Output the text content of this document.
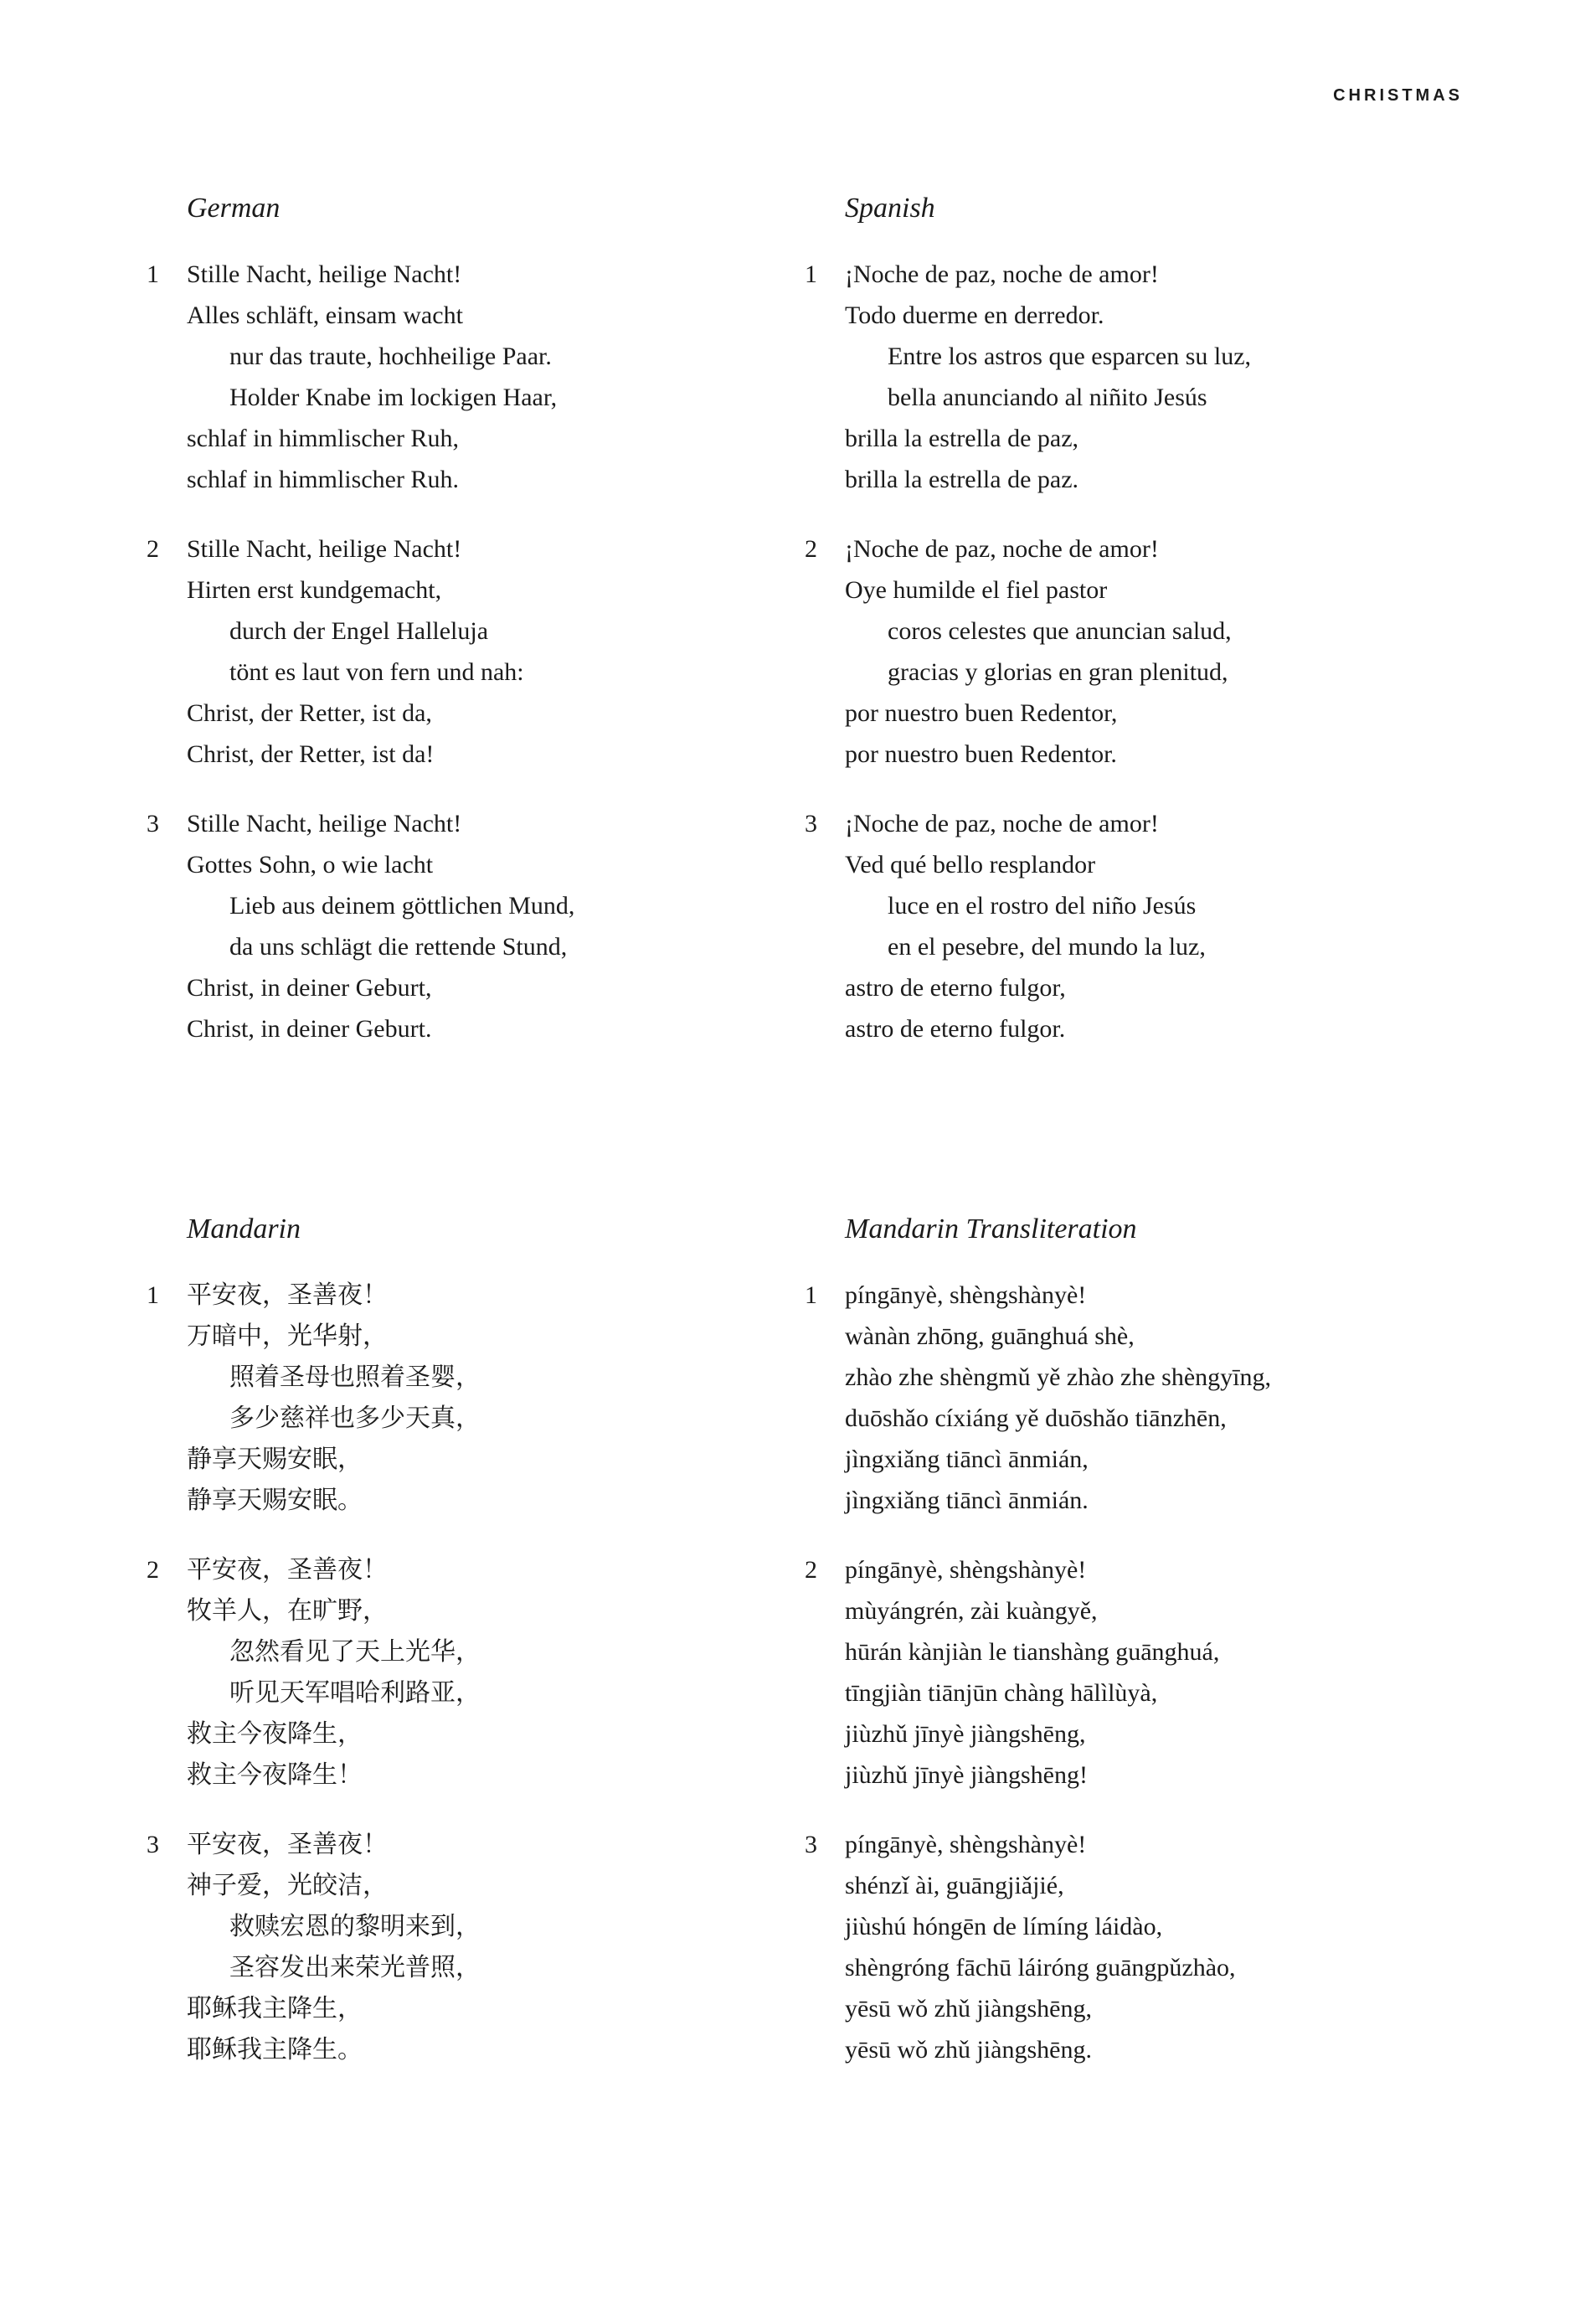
CHRISTMAS
German
1	Stille Nacht, heilige Nacht!
Alles schläft, einsam wacht
nur das traute, hochheilige Paar.
Holder Knabe im lockigen Haar,
schlaf in himmlischer Ruh,
schlaf in himmlischer Ruh.
2	Stille Nacht, heilige Nacht!
Hirten erst kundgemacht,
durch der Engel Halleluja
tönt es laut von fern und nah:
Christ, der Retter, ist da,
Christ, der Retter, ist da!
3	Stille Nacht, heilige Nacht!
Gottes Sohn, o wie lacht
Lieb aus deinem göttlichen Mund,
da uns schlägt die rettende Stund,
Christ, in deiner Geburt,
Christ, in deiner Geburt.
Spanish
1	¡Noche de paz, noche de amor!
Todo duerme en derredor.
Entre los astros que esparcen su luz,
bella anunciando al niñito Jesús
brilla la estrella de paz,
brilla la estrella de paz.
2	¡Noche de paz, noche de amor!
Oye humilde el fiel pastor
coros celestes que anuncian salud,
gracias y glorias en gran plenitud,
por nuestro buen Redentor,
por nuestro buen Redentor.
3	¡Noche de paz, noche de amor!
Ved qué bello resplandor
luce en el rostro del niño Jesús
en el pesebre, del mundo la luz,
astro de eterno fulgor,
astro de eterno fulgor.
Mandarin
1	平安夜，圣善夜！
万暗中，光华射，
照着圣母也照着圣婴，
多少慈祥也多少天真，
静享天赐安眠，
静享天赐安眠。
2	平安夜，圣善夜！
牧羊人，在旷野，
忽然看见了天上光华，
听见天军唱哈利路亚，
救主今夜降生，
救主今夜降生！
3	平安夜，圣善夜！
神子爱，光皎洁，
救赎宏恩的黎明来到，
圣容发出来荣光普照，
耶稣我主降生，
耶稣我主降生。
Mandarin Transliteration
1	píngānyè, shèngshànyè!
wànàn zhōng, guānghuá shè,
zhào zhe shèngmǔ yě zhào zhe shèngyīng,
duōshǎo cíxiáng yě duōshǎo tiānzhēn,
jìngxiǎng tiāncì ānmián,
jìngxiǎng tiāncì ānmián.
2	píngānyè, shèngshànyè!
mùyángrén, zài kuàngyě,
hūrán kànjiàn le tianshàng guānghuá,
tīngjiàn tiānjūn chàng hālìlùyà,
jiùzhǔ jīnyè jiàngshēng,
jiùzhǔ jīnyè jiàngshēng!
3	píngānyè, shèngshànyè!
shénzǐ ài, guāngjiǎjié,
jiùshú hóngēn de límíng láidào,
shèngróng fāchū láiróng guāngpǔzhào,
yēsū wǒ zhǔ jiàngshēng,
yēsū wǒ zhǔ jiàngshēng.
